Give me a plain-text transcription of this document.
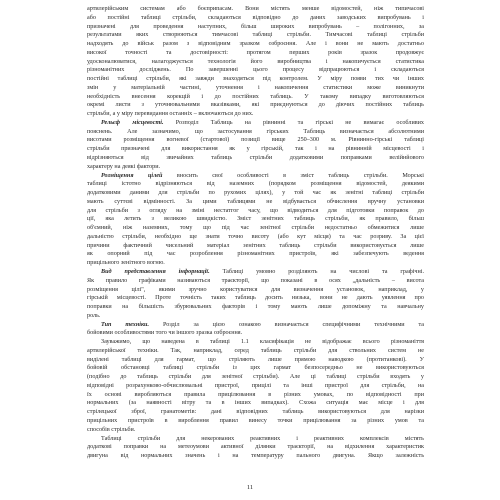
артилерійським системам або боєприпасам. Вони містять менше відомостей, ніж типичасові
або постійні таблиці стрільби, складаються відповідно до даних заводських випробувань і
призначені для проведення наступних, більш широких випробувань – полігонних, за
результатами яких створюються тимчасові таблиці стрільби. Тимчасові таблиці стрільби
надходять до військ разом з відповідним зразком озброєння. Але і вони не мають достатньо
високої точності та достовірності: протягом перших років зразок продовжує
удосконалюватися, налагоджується технологія його виробництва і накопичується статистика
різноманітних досліджень. По завершенні цього процесу відпрацюються і складаються
постійні таблиці стрільби, які завжди знаходяться під контролем. У міру появи тих чи інших
змін у матеріальній частині, уточнення і накопичення статистики може виникнути
необхідність внесення корекцій і до постійних таблиць. У такому випадку виготовляються
окремі листи з уточнювальними вказівками, які приєднуються до діючих постійних таблиць
стрільби, а у міру перевидання останніх – включаються до них.
Рельєф місцевості. Розподіл Таблиць на рівнинні та гірські не вимагає особливих
пояснень. Але зазначимо, що застосування гірських Таблиць визначається абсолютними
висотами розміщення вогневої (стартової) позиції вище 250–300 м. Рівнинно-гірські таблиці
стрільби призначені для використання як у гірській, так і на рівнинній місцевості і
відрізняються від звичайних таблиць стрільби додатковими поправками велійнйового
характеру на деякі фактори.
Розміщення цілей вносить свої особливості в зміст таблиць стрільби. Морські
таблиці істотно відрізняються від наземних (порядком розміщення відомостей, деякими
додатковими даними для стрільби по рухомих цілях), у той час як зенітні таблиці стрільби
мають суттєві відмінності. За цими таблицями не відбувається обчислення вручну установки
для стрільби з огляду на зміні нестатгог часу, що відводиться для підготовки поправок до
ції, яка летить з великою швидкістю. Зміст зенітних таблиць стрільби, як правило, більш
об'ємний, ніж наземних, тому що під час зенітної стрільби недостатньо обмежитися лише
дальністю стрільби, необхідно ще знати точно висоту (або кут місця) та час розриву. За цієї
причини фактичний чисельний матеріал зенітних таблиць стрільби використовується лише
як опорний під час розроблення різноманітних пристроїв, які забезпечують ведення
прицільного зенітного вогню.
Вид представлення інформації. Таблиці умовно розділяють на числові та графічні.
Як правило графіками називаються траєкторії, що показані в осях „дальність – висота
розміщення цілі", якими зручно користуватися для визначення установок, наприклад, у
гірській місцевості. Проте точність таких таблиць досить низька, вони не дають уявлення про
поправки на більшість збурювальних факторів і тому мають лише допоміжну та навчальну
роль.
Тип техніки. Розділ за цією ознакою визначається специфічними технічними та
бойовими особливостями того чи іншого зразка озброєння.
Зауважимо, що наведена в таблиці 1.1 класифікація не відображає всього різноманіття
артилерійської техніки. Так, наприклад, серед таблиць стрільби для ствольних систем не
виділені таблиці для гармат, що стріляють лише прямою наводкою (протитанкові). У
бойовій обстановці таблиці стрільби із цих гармат безпосередньо не використовуються
(подібно до таблиць стрільби для зенітної стрільби). Але ці таблиці стрільби входять у
відповідні розрахунково-обчислювальні пристрої, прицілі та інші пристрої для стрільби, на
їх основі виробляються правила прицілювання в різних умовах, по відповідності при
нормальних (за наявності вітру та в інших випадках). Схожа ситуація має місце і для
стрілецької зброї, гранатометів: дані відповідних таблиць використовуються для нарізки
прицільних пристроїв в вироблення правил винесу точки прицілювання за різних умов та
способів стрільби.
Таблиці стрільби для некерованих реактивних і реактивних комплексів містять
додаткові поправки на метеоумови активної ділянки траєкторії, на відхилення характеристик
двигуна від нормальних значень і на температуру пального двигуна. Якщо залежність
11
